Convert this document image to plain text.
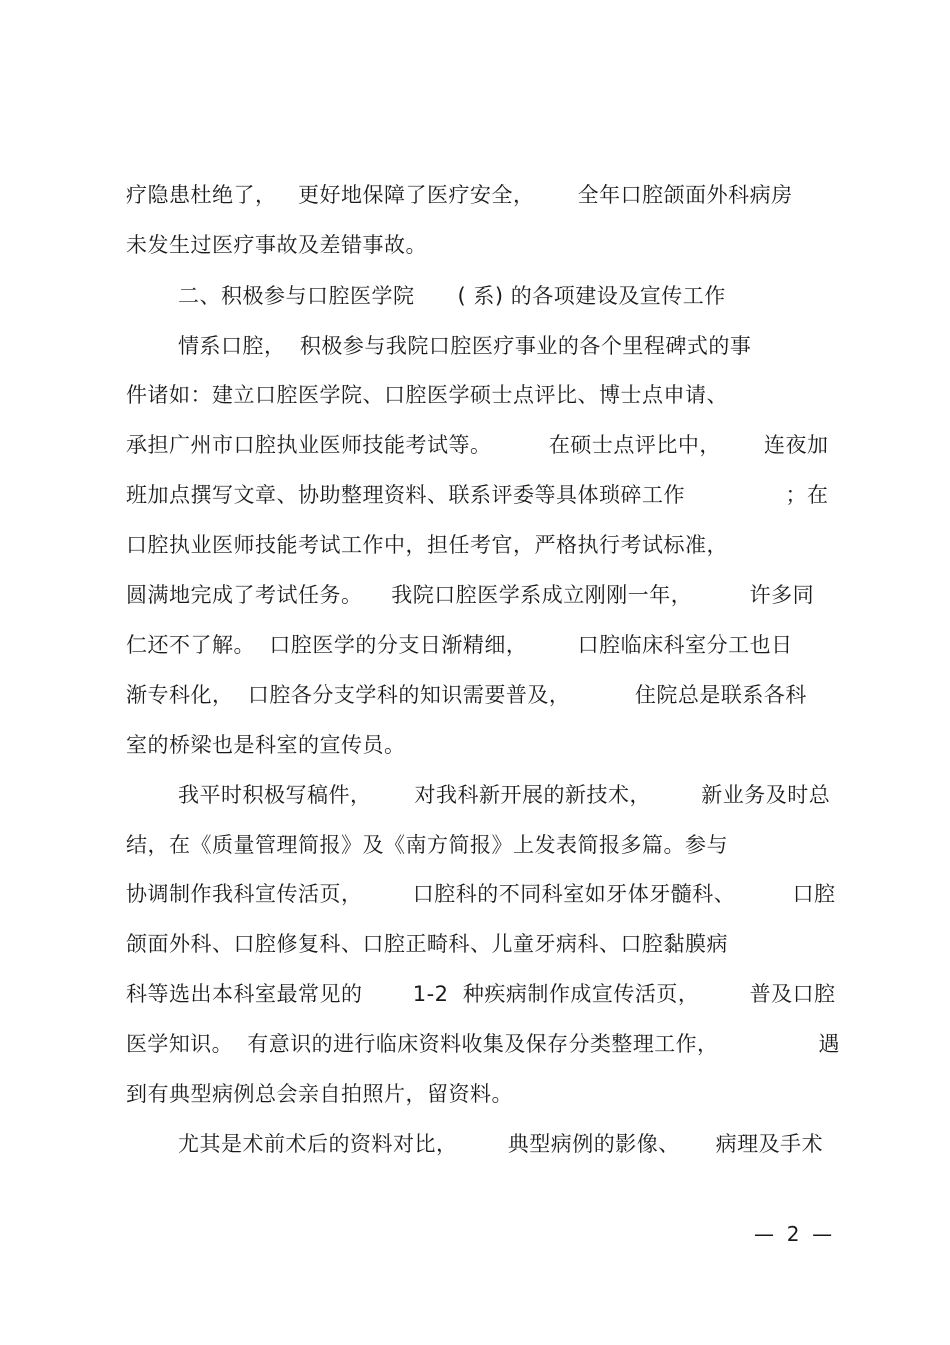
疗隐患杜绝了，   更好地保障了医疗安全，      全年口腔颌面外科病房
未发生过医疗事故及差错事故。
二、积极参与口腔医学院      ( 系) 的各项建设及宣传工作
情系口腔，  积极参与我院口腔医疗事业的各个里程碑式的事
件诸如：建立口腔医学院、口腔医学硕士点评比、博士点申请、
承担广州市口腔执业医师技能考试等。        在硕士点评比中，      连夜加
班加点撰写文章、协助整理资料、联系评委等具体琐碎工作              ；在
口腔执业医师技能考试工作中，担任考官，严格执行考试标准，
圆满地完成了考试任务。    我院口腔医学系成立刚刚一年，        许多同
仁还不了解。  口腔医学的分支日渐精细，       口腔临床科室分工也日
渐专科化，  口腔各分支学科的知识需要普及，         住院总是联系各科
室的桥梁也是科室的宣传员。
我平时积极写稿件，      对我科新开展的新技术，       新业务及时总
结，在《质量管理简报》及《南方简报》上发表简报多篇。参与
协调制作我科宣传活页，       口腔科的不同科室如牙体牙髓科、        口腔
颌面外科、口腔修复科、口腔正畸科、儿童牙病科、口腔黏膜病
科等选出本科室最常见的       1-2  种疾病制作成宣传活页，       普及口腔
医学知识。  有意识的进行临床资料收集及保存分类整理工作，              遇
到有典型病例总会亲自拍照片，留资料。
尤其是术前术后的资料对比，       典型病例的影像、     病理及手术
—  2  —
